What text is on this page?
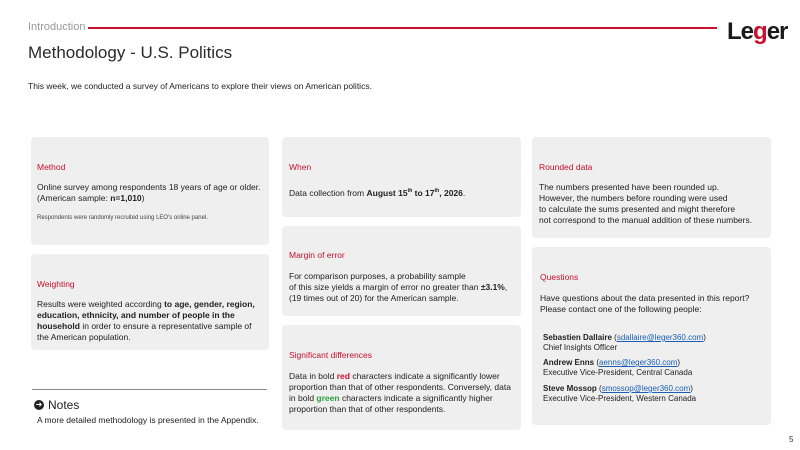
Introduction	Leger
Methodology - U.S. Politics
This week, we conducted a survey of Americans to explore their views on American politics.
Method
Online survey among respondents 18 years of age or older.
(American sample: n=1,010)
Respondents were randomly recruited using LEO's online panel.
Weighting
Results were weighted according to age, gender, region, education, ethnicity, and number of people in the household in order to ensure a representative sample of the American population.
When
Data collection from August 15th to 17th, 2026.
Margin of error
For comparison purposes, a probability sample
of this size yields a margin of error no greater than ±3.1%,
(19 times out of 20) for the American sample.
Significant differences
Data in bold red characters indicate a significantly lower proportion than that of other respondents. Conversely, data in bold green characters indicate a significantly higher proportion than that of other respondents.
Rounded data
The numbers presented have been rounded up.
However, the numbers before rounding were used
to calculate the sums presented and might therefore
not correspond to the manual addition of these numbers.
Questions
Have questions about the data presented in this report?
Please contact one of the following people:
Sebastien Dallaire (sdallaire@leger360.com)
Chief Insights Officer
Andrew Enns (aenns@leger360.com)
Executive Vice-President, Central Canada
Steve Mossop (smossop@leger360.com)
Executive Vice-President, Western Canada
➜ Notes
A more detailed methodology is presented in the Appendix.
5
